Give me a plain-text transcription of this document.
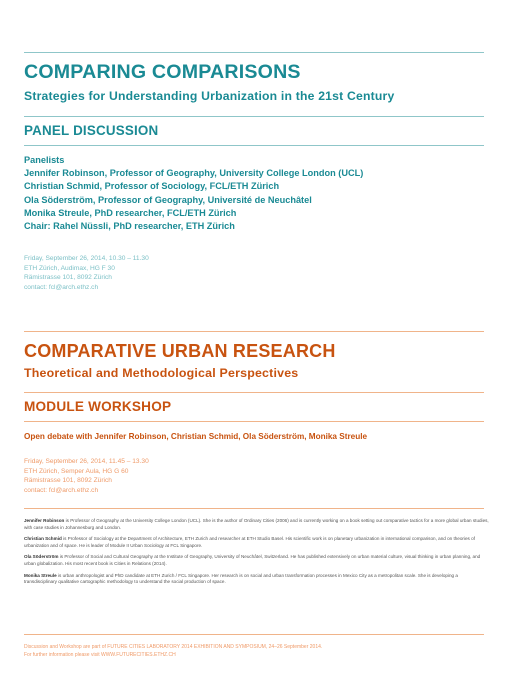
COMPARING COMPARISONS
Strategies for Understanding Urbanization in the 21st Century
PANEL DISCUSSION
Panelists
Jennifer Robinson, Professor of Geography, University College London (UCL)
Christian Schmid, Professor of Sociology, FCL/ETH Zürich
Ola Söderström, Professor of Geography, Université de Neuchâtel
Monika Streule, PhD researcher, FCL/ETH Zürich
Chair: Rahel Nüssli, PhD researcher, ETH Zürich
Friday, September 26, 2014, 10.30 – 11.30
ETH Zürich, Audimax, HG F 30
Rämistrasse 101, 8092 Zürich
contact: fcl@arch.ethz.ch
COMPARATIVE URBAN RESEARCH
Theoretical and Methodological Perspectives
MODULE WORKSHOP
Open debate with Jennifer Robinson, Christian Schmid, Ola Söderström, Monika Streule
Friday, September 26, 2014, 11.45 – 13.30
ETH Zürich, Semper Aula, HG G 60
Rämistrasse 101, 8092 Zürich
contact: fcl@arch.ethz.ch
Jennifer Robinson is Professor of Geography at the University College London (UCL). She is the author of Ordinary Cities (2006) and is currently working on a book setting out comparative tactics for a more global urban studies, with case studies in Johannesburg and London.
Christian Schmid is Professor of Sociology at the Department of Architecture, ETH Zurich and researcher at ETH Studio Basel. His scientific work is on planetary urbanization in international comparison, and on theories of urbanization and of space. He is leader of Module II Urban Sociology at FCL Singapore.
Ola Söderström is Professor of Social and Cultural Geography at the Institute of Geography, University of Neuchâtel, Switzerland. He has published extensively on urban material culture, visual thinking in urban planning, and urban globalization. His most recent book is Cities in Relations (2014).
Monika Streule is urban anthropologist and PhD candidate at ETH Zurich / FCL Singapore. Her research is on social and urban transformation processes in Mexico City as a metropolitan scale. She is developing a transdisciplinary qualitative cartographic methodology to understand the social production of space.
Discussion and Workshop are part of FUTURE CITIES LABORATORY 2014 EXHIBITION AND SYMPOSIUM, 24–26 September 2014.
For further information please visit WWW.FUTURECITIES.ETHZ.CH
